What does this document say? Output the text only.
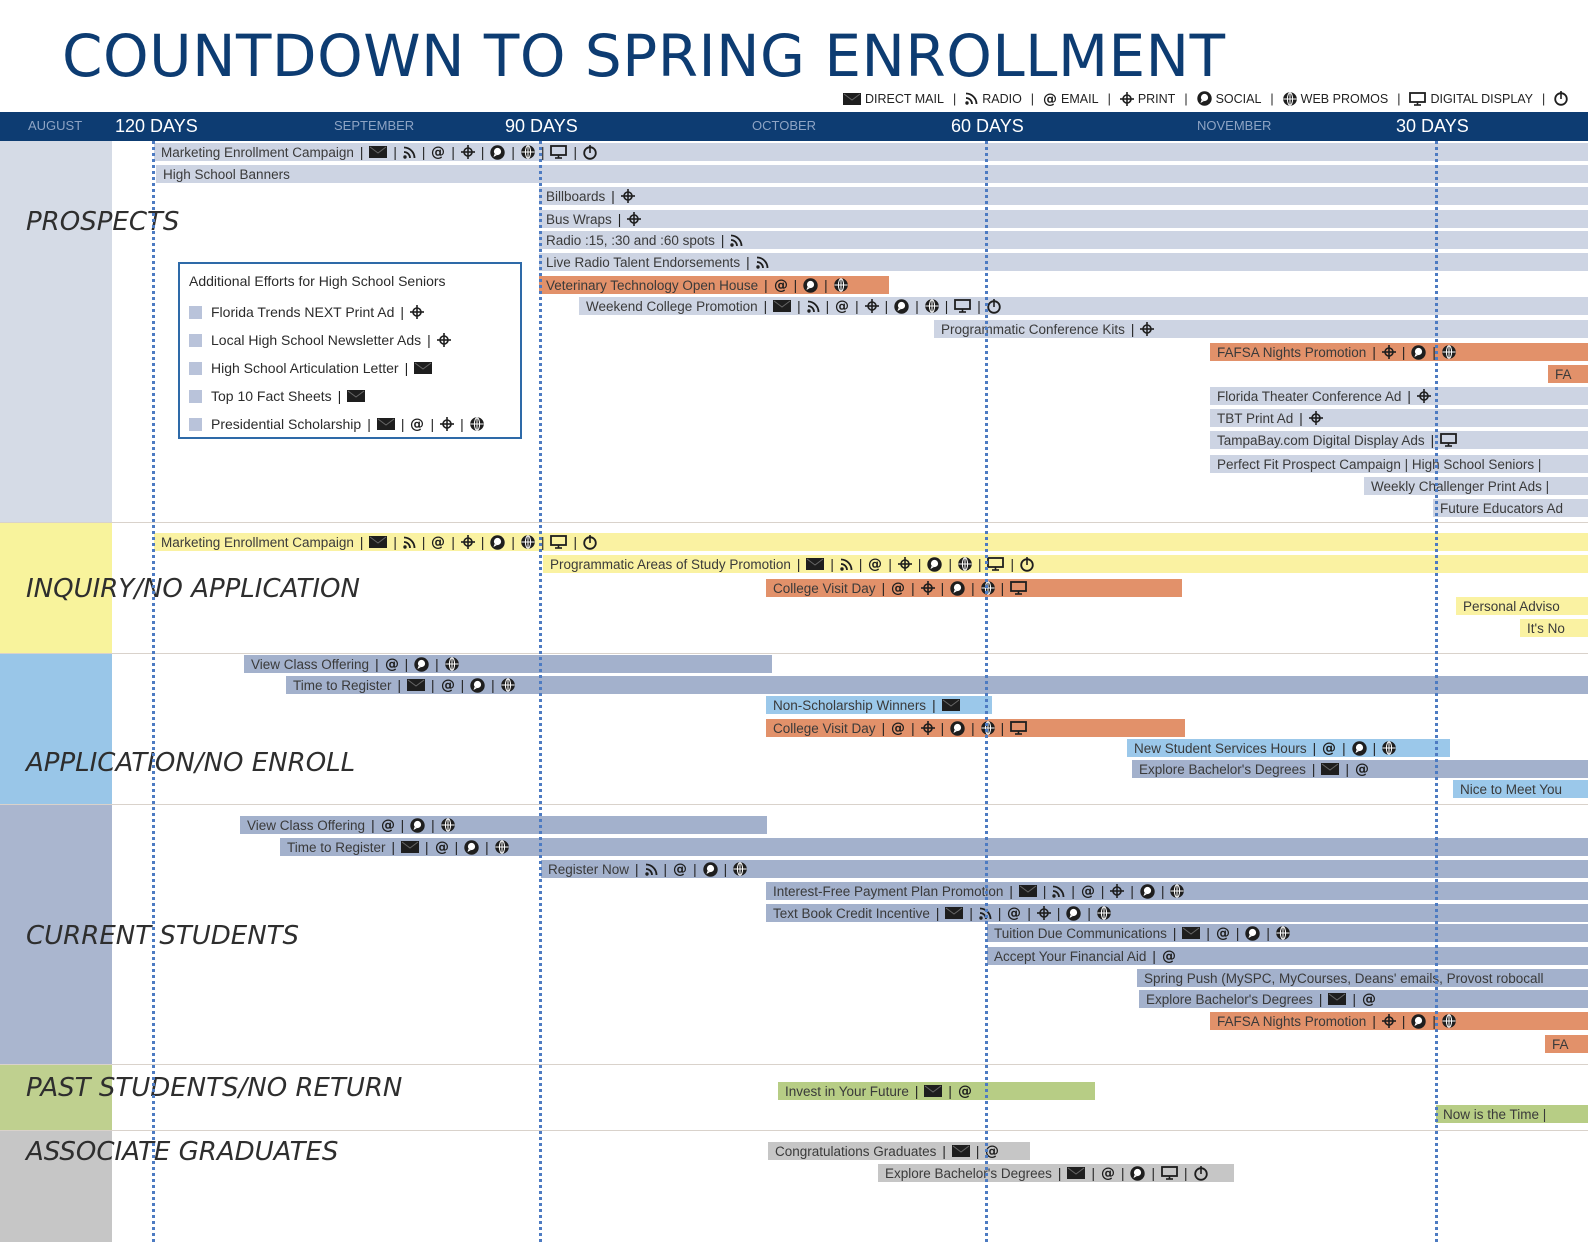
COUNTDOWN TO SPRING ENROLLMENT
DIRECT MAIL | RADIO | @ EMAIL | PRINT | SOCIAL | WEB PROMOS | DIGITAL DISPLAY |
AUGUST 120 DAYS	SEPTEMBER	90 DAYS	OCTOBER	60 DAYS	NOVEMBER	30 DAYS
PROSPECTS
INQUIRY/NO APPLICATION
APPLICATION/NO ENROLL
CURRENT STUDENTS
PAST STUDENTS/NO RETURN
ASSOCIATE GRADUATES
Marketing Enrollment Campaign | | | @ | | | | |
High School Banners
Billboards |
Bus Wraps |
Radio :15, :30 and :60 spots |
Live Radio Talent Endorsements |
Veterinary Technology Open House | @ | |
Weekend College Promotion | | | @ | | | | |
Programmatic Conference Kits |
FAFSA Nights Promotion | | |
FA
Florida Theater Conference Ad |
TBT Print Ad |
TampaBay.com Digital Display Ads |
Perfect Fit Prospect Campaign | High School Seniors |
Weekly Challenger Print Ads |
Future Educators Ad
Marketing Enrollment Campaign | | | @ | | | | |
Programmatic Areas of Study Promotion | | | @ | | | | |
College Visit Day | @ | | | |
Personal Adviso
It's No
View Class Offering | @ | |
Time to Register | | @ | |
Non-Scholarship Winners |
College Visit Day | @ | | | |
New Student Services Hours | @ | |
Explore Bachelor's Degrees | | @
Nice to Meet You
View Class Offering | @ | |
Time to Register | | @ | |
Register Now | | @ | |
Interest-Free Payment Plan Promotion | | | @ | | |
Text Book Credit Incentive | | | @ | | |
Tuition Due Communications | | @ | |
Accept Your Financial Aid | @
Spring Push (MySPC, MyCourses, Deans' emails, Provost robocall
Explore Bachelor's Degrees | | @
FAFSA Nights Promotion | | |
FA
Invest in Your Future | | @
Now is the Time |
Congratulations Graduates | | @
Explore Bachelor's Degrees | | @ | | |
Additional Efforts for High School Seniors
Florida Trends NEXT Print Ad |
Local High School Newsletter Ads |
High School Articulation Letter |
Top 10 Fact Sheets |
Presidential Scholarship | | @ | |
